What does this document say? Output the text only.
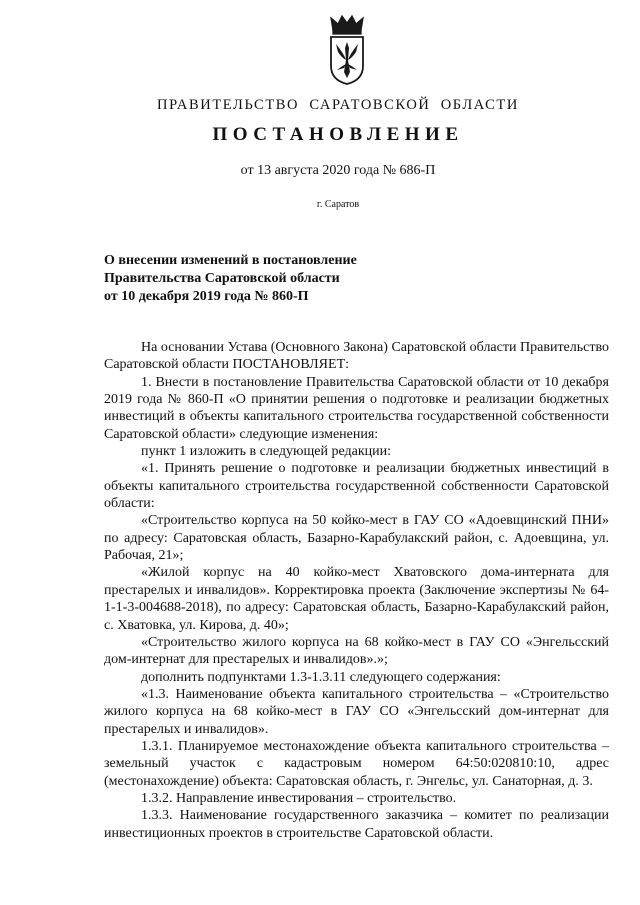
ПРАВИТЕЛЬСТВО САРАТОВСКОЙ ОБЛАСТИ
ПОСТАНОВЛЕНИЕ
от 13 августа 2020 года № 686-П
г. Саратов
О внесении изменений в постановление
Правительства Саратовской области
от 10 декабря 2019 года № 860-П

На основании Устава (Основного Закона) Саратовской области Правительство Саратовской области ПОСТАНОВЛЯЕТ:

1. Внести в постановление Правительства Саратовской области от 10 декабря 2019 года № 860-П «О принятии решения о подготовке и реализации бюджетных инвестиций в объекты капитального строительства государственной собственности Саратовской области» следующие изменения:

пункт 1 изложить в следующей редакции:

«1. Принять решение о подготовке и реализации бюджетных инвестиций в объекты капитального строительства государственной собственности Саратовской области:

«Строительство корпуса на 50 койко-мест в ГАУ СО «Адоевщинский ПНИ» по адресу: Саратовская область, Базарно-Карабулакский район, с. Адоевщина, ул. Рабочая, 21»;

«Жилой корпус на 40 койко-мест Хватовского дома-интерната для престарелых и инвалидов». Корректировка проекта (Заключение экспертизы № 64-1-1-3-004688-2018), по адресу: Саратовская область, Базарно-Карабулакский район, с. Хватовка, ул. Кирова, д. 40»;

«Строительство жилого корпуса на 68 койко-мест в ГАУ СО «Энгельсский дом-интернат для престарелых и инвалидов».»;

дополнить подпунктами 1.3-1.3.11 следующего содержания:

«1.3. Наименование объекта капитального строительства – «Строительство жилого корпуса на 68 койко-мест в ГАУ СО «Энгельсский дом-интернат для престарелых и инвалидов».

1.3.1. Планируемое местонахождение объекта капитального строительства – земельный участок с кадастровым номером 64:50:020810:10, адрес (местонахождение) объекта: Саратовская область, г. Энгельс, ул. Санаторная, д. 3.

1.3.2. Направление инвестирования – строительство.

1.3.3. Наименование государственного заказчика – комитет по реализации инвестиционных проектов в строительстве Саратовской области.
